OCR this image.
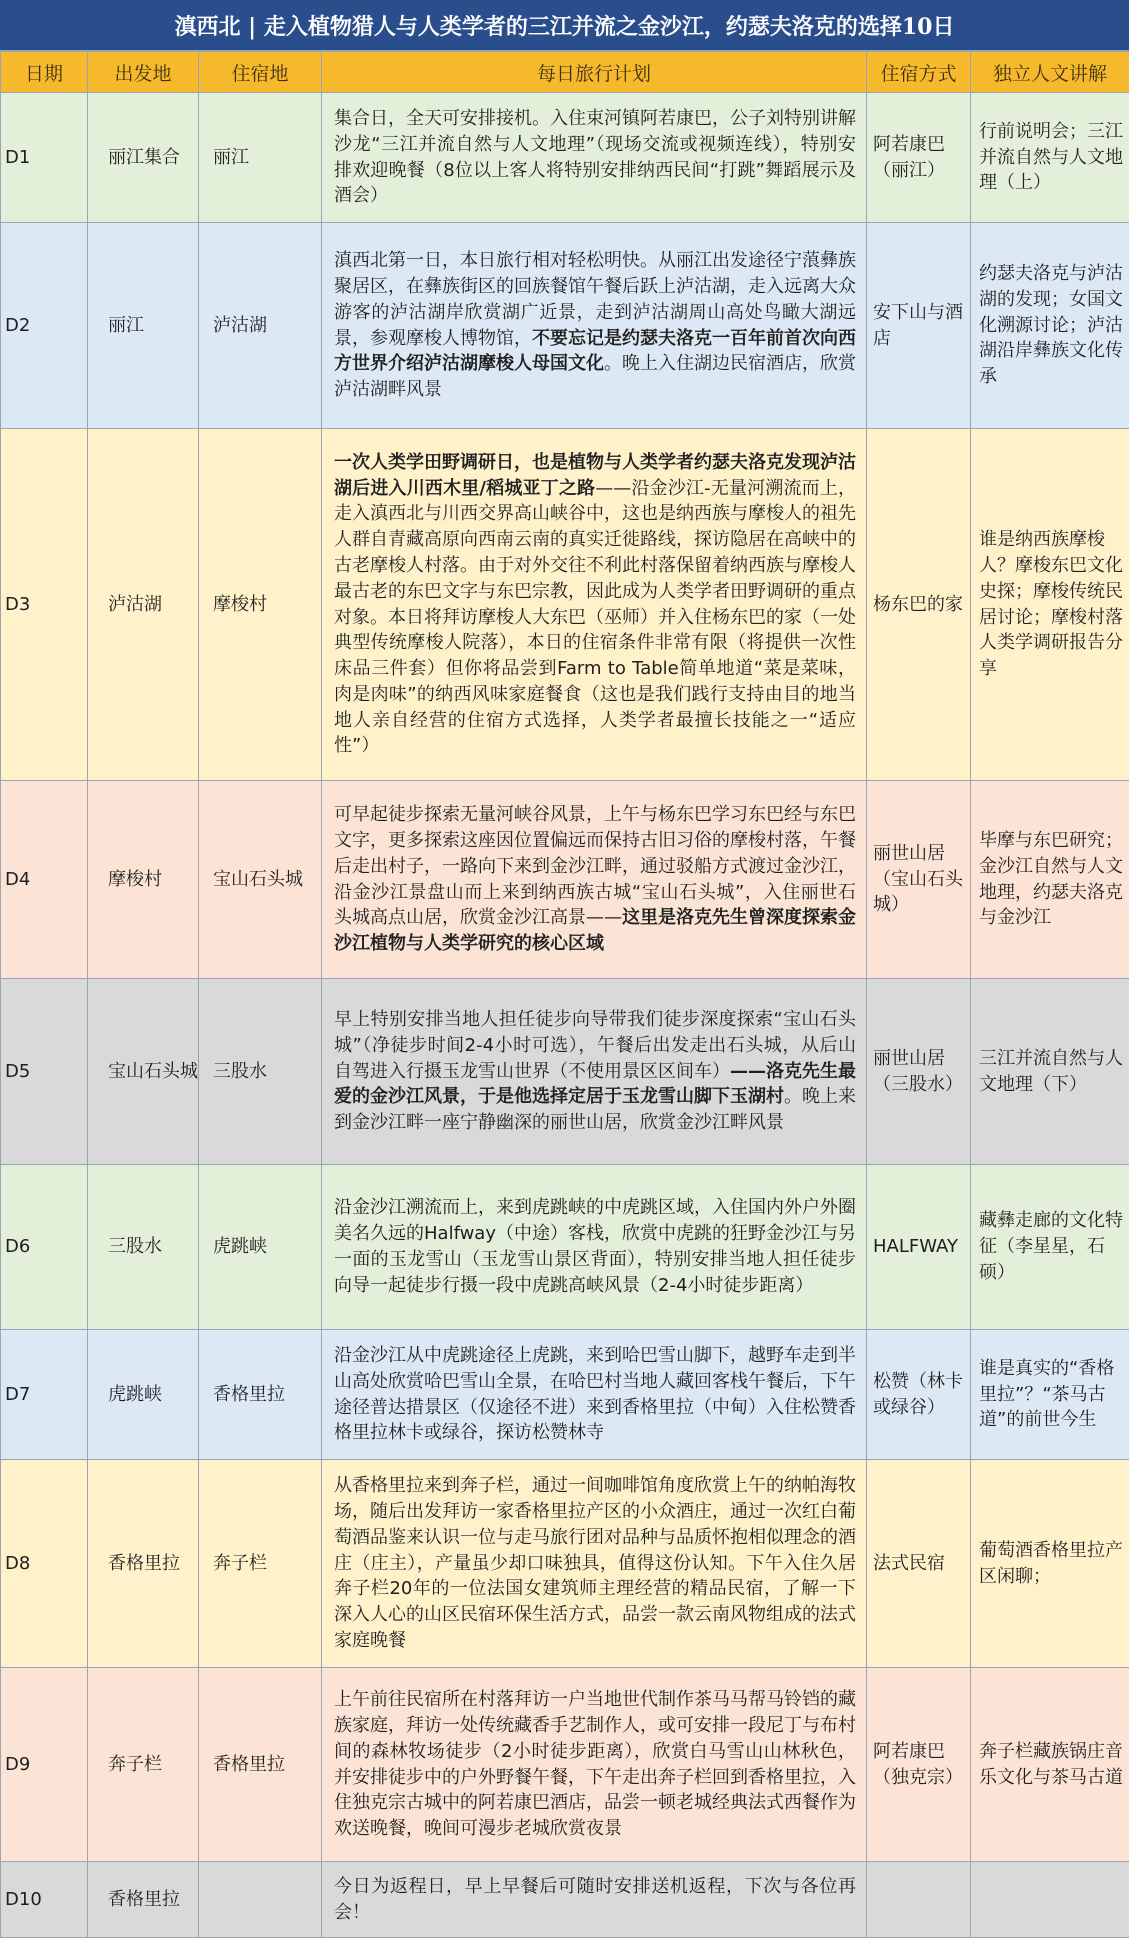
滇西北 | 走入植物猎人与人类学者的三江并流之金沙江，约瑟夫洛克的选择10日
日期	出发地	住宿地	每日旅行计划	住宿方式	独立人文讲解
D1	丽江集合	丽江	集合日，全天可安排接机。入住束河镇阿若康巴，公子刘特别讲解沙龙“三江并流自然与人文地理”（现场交流或视频连线），特别安排欢迎晚餐（8位以上客人将特别安排纳西民间“打跳”舞蹈展示及酒会）	阿若康巴（丽江）	行前说明会；三江并流自然与人文地理（上）
D2	丽江	泸沽湖	滇西北第一日，本日旅行相对轻松明快。从丽江出发途径宁蒗彝族聚居区，在彝族街区的回族餐馆午餐后跃上泸沽湖，走入远离大众游客的泸沽湖岸欣赏湖广近景，走到泸沽湖周山高处鸟瞰大湖远景，参观摩梭人博物馆，不要忘记是约瑟夫洛克一百年前首次向西方世界介绍泸沽湖摩梭人母国文化。晚上入住湖边民宿酒店，欣赏泸沽湖畔风景	安下山与酒店	约瑟夫洛克与泸沽湖的发现；女国文化溯源讨论；泸沽湖沿岸彝族文化传承
D3	泸沽湖	摩梭村	一次人类学田野调研日，也是植物与人类学者约瑟夫洛克发现泸沽湖后进入川西木里/稻城亚丁之路——沿金沙江-无量河溯流而上，走入滇西北与川西交界高山峡谷中，这也是纳西族与摩梭人的祖先人群自青藏高原向西南云南的真实迁徙路线，探访隐居在高峡中的古老摩梭人村落。由于对外交往不利此村落保留着纳西族与摩梭人最古老的东巴文字与东巴宗教，因此成为人类学者田野调研的重点对象。本日将拜访摩梭人大东巴（巫师）并入住杨东巴的家（一处典型传统摩梭人院落），本日的住宿条件非常有限（将提供一次性床品三件套）但你将品尝到Farm to Table简单地道“菜是菜味，肉是肉味”的纳西风味家庭餐食（这也是我们践行支持由目的地当地人亲自经营的住宿方式选择，人类学者最擅长技能之一“适应性”）	杨东巴的家	谁是纳西族摩梭人？摩梭东巴文化史探；摩梭传统民居讨论；摩梭村落人类学调研报告分享
D4	摩梭村	宝山石头城	可早起徒步探索无量河峡谷风景，上午与杨东巴学习东巴经与东巴文字，更多探索这座因位置偏远而保持古旧习俗的摩梭村落，午餐后走出村子，一路向下来到金沙江畔，通过驳船方式渡过金沙江，沿金沙江景盘山而上来到纳西族古城“宝山石头城”，入住丽世石头城高点山居，欣赏金沙江高景——这里是洛克先生曾深度探索金沙江植物与人类学研究的核心区域	丽世山居（宝山石头城）	毕摩与东巴研究；金沙江自然与人文地理，约瑟夫洛克与金沙江
D5	宝山石头城	三股水	早上特别安排当地人担任徒步向导带我们徒步深度探索“宝山石头城”（净徒步时间2-4小时可选），午餐后出发走出石头城，从后山自驾进入行摄玉龙雪山世界（不使用景区区间车）——洛克先生最爱的金沙江风景，于是他选择定居于玉龙雪山脚下玉湖村。晚上来到金沙江畔一座宁静幽深的丽世山居，欣赏金沙江畔风景	丽世山居（三股水）	三江并流自然与人文地理（下）
D6	三股水	虎跳峡	沿金沙江溯流而上，来到虎跳峡的中虎跳区域，入住国内外户外圈美名久远的Halfway（中途）客栈，欣赏中虎跳的狂野金沙江与另一面的玉龙雪山（玉龙雪山景区背面），特别安排当地人担任徒步向导一起徒步行摄一段中虎跳高峡风景（2-4小时徒步距离）	HALFWAY	藏彝走廊的文化特征（李星星，石硕）
D7	虎跳峡	香格里拉	沿金沙江从中虎跳途径上虎跳，来到哈巴雪山脚下，越野车走到半山高处欣赏哈巴雪山全景，在哈巴村当地人藏回客栈午餐后，下午途径普达措景区（仅途径不进）来到香格里拉（中甸）入住松赞香格里拉林卡或绿谷，探访松赞林寺	松赞（林卡或绿谷）	谁是真实的“香格里拉”？“茶马古道”的前世今生
D8	香格里拉	奔子栏	从香格里拉来到奔子栏，通过一间咖啡馆角度欣赏上午的纳帕海牧场，随后出发拜访一家香格里拉产区的小众酒庄，通过一次红白葡萄酒品鉴来认识一位与走马旅行团对品种与品质怀抱相似理念的酒庄（庄主），产量虽少却口味独具，值得这份认知。下午入住久居奔子栏20年的一位法国女建筑师主理经营的精品民宿，了解一下深入人心的山区民宿环保生活方式，品尝一款云南风物组成的法式家庭晚餐	法式民宿	葡萄酒香格里拉产区闲聊；
D9	奔子栏	香格里拉	上午前往民宿所在村落拜访一户当地世代制作茶马马帮马铃铛的藏族家庭，拜访一处传统藏香手艺制作人，或可安排一段尼丁与布村间的森林牧场徒步（2小时徒步距离），欣赏白马雪山山林秋色，并安排徒步中的户外野餐午餐，下午走出奔子栏回到香格里拉，入住独克宗古城中的阿若康巴酒店，品尝一顿老城经典法式西餐作为欢送晚餐，晚间可漫步老城欣赏夜景	阿若康巴（独克宗）	奔子栏藏族锅庄音乐文化与茶马古道
D10	香格里拉		今日为返程日，早上早餐后可随时安排送机返程，下次与各位再会！		
